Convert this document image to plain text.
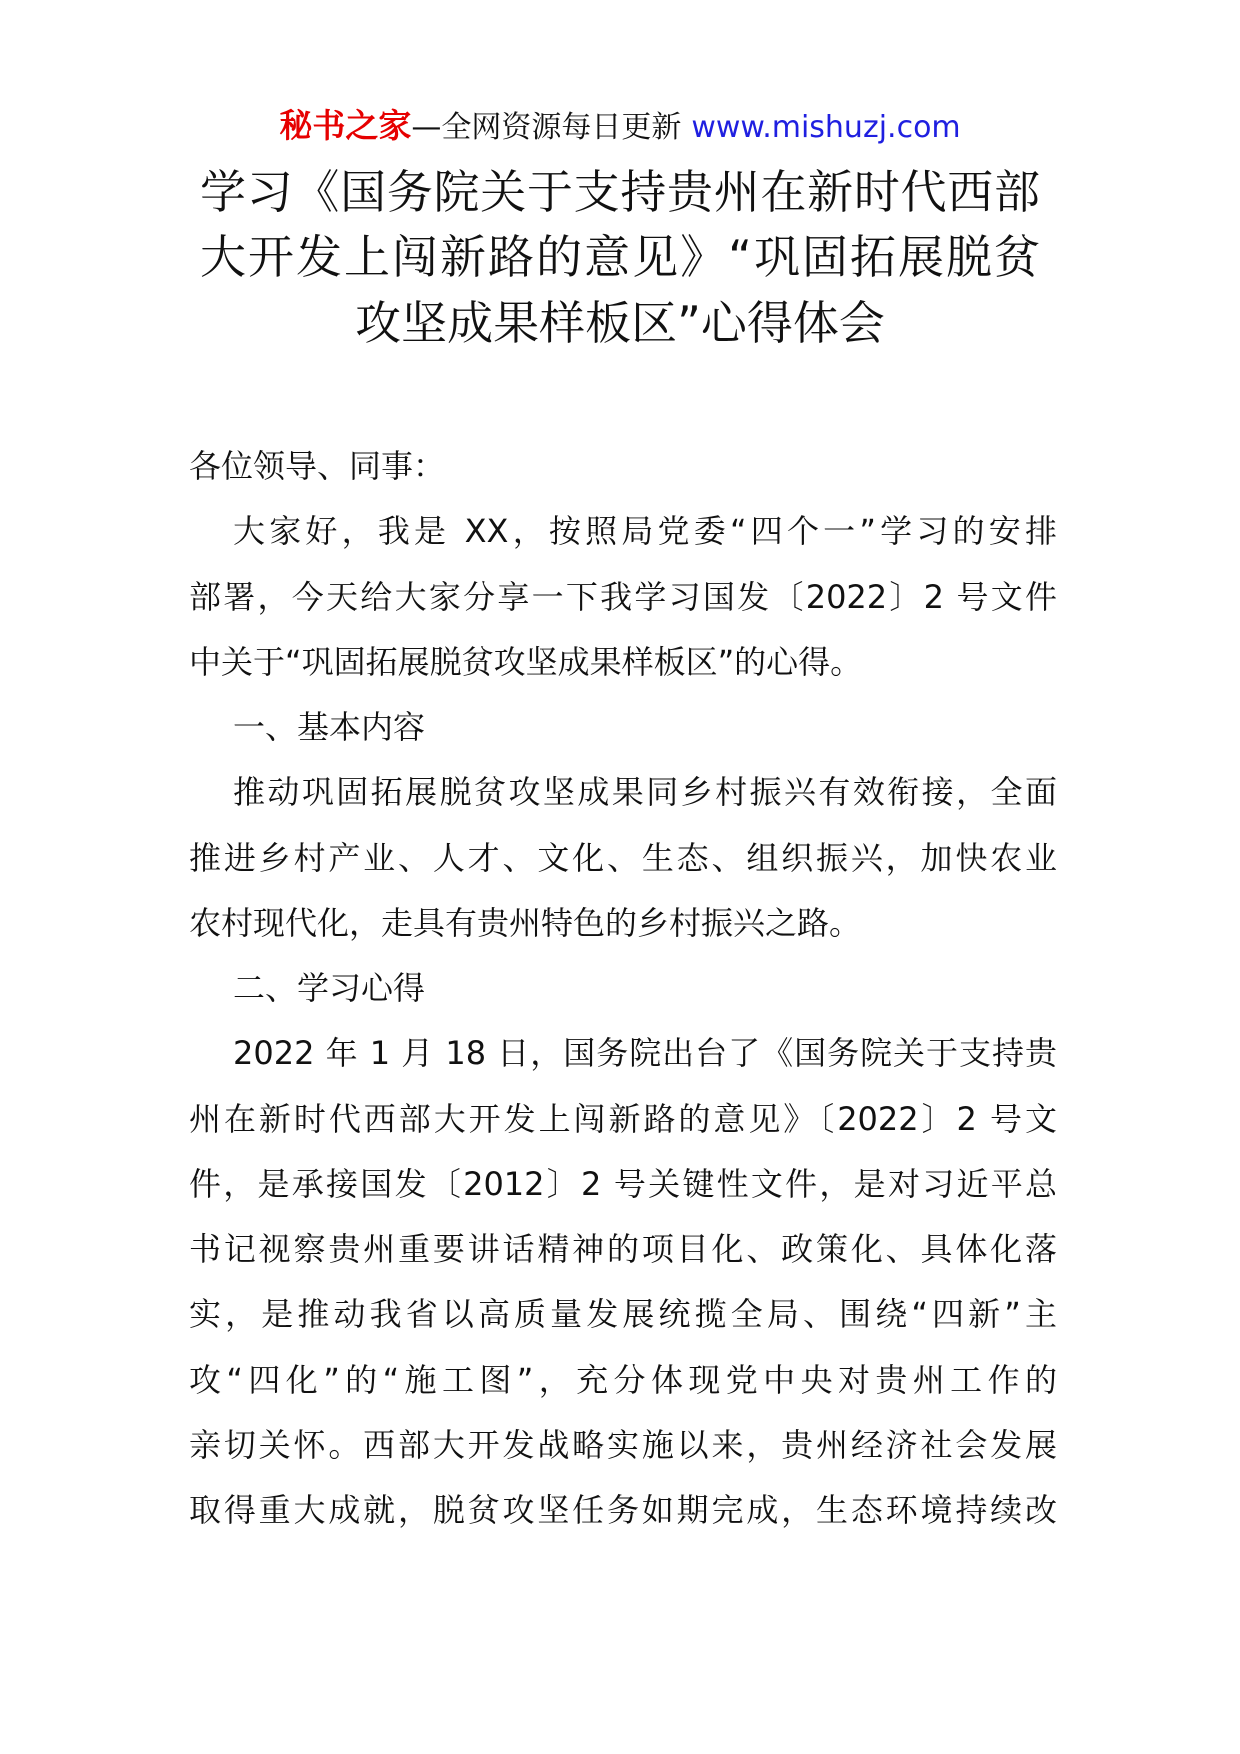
秘书之家—全网资源每日更新 www.mishuzj.com
学习《国务院关于支持贵州在新时代西部
大开发上闯新路的意见》“巩固拓展脱贫
攻坚成果样板区”心得体会
各位领导、同事：
大家好，我是 XX，按照局党委“四个一”学习的安排
部署，今天给大家分享一下我学习国发〔2022〕2 号文件
中关于“巩固拓展脱贫攻坚成果样板区”的心得。
一、基本内容
推动巩固拓展脱贫攻坚成果同乡村振兴有效衔接，全面
推进乡村产业、人才、文化、生态、组织振兴，加快农业
农村现代化，走具有贵州特色的乡村振兴之路。
二、学习心得
2022 年 1 月 18 日，国务院出台了《国务院关于支持贵
州在新时代西部大开发上闯新路的意见》〔2022〕2 号文
件，是承接国发〔2012〕2 号关键性文件，是对习近平总
书记视察贵州重要讲话精神的项目化、政策化、具体化落
实，是推动我省以高质量发展统揽全局、围绕“四新”主
攻“四化”的“施工图”，充分体现党中央对贵州工作的
亲切关怀。西部大开发战略实施以来，贵州经济社会发展
取得重大成就，脱贫攻坚任务如期完成，生态环境持续改
